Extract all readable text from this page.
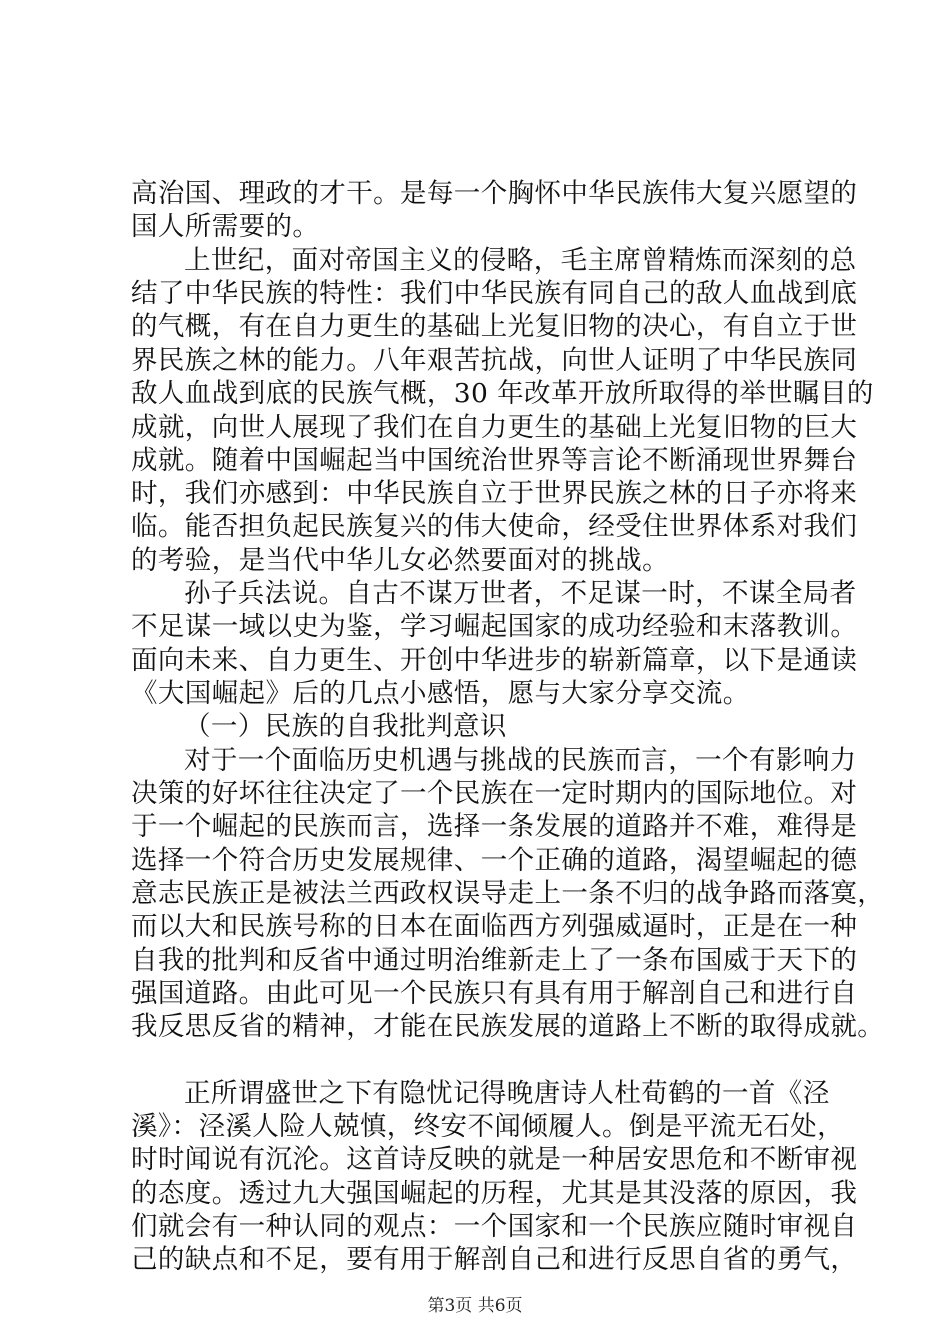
高治国、理政的才干。是每一个胸怀中华民族伟大复兴愿望的
国人所需要的。
上世纪，面对帝国主义的侵略，毛主席曾精炼而深刻的总
结了中华民族的特性：我们中华民族有同自己的敌人血战到底
的气概，有在自力更生的基础上光复旧物的决心，有自立于世
界民族之林的能力。八年艰苦抗战，向世人证明了中华民族同
敌人血战到底的民族气概，30 年改革开放所取得的举世瞩目的
成就，向世人展现了我们在自力更生的基础上光复旧物的巨大
成就。随着中国崛起当中国统治世界等言论不断涌现世界舞台
时，我们亦感到：中华民族自立于世界民族之林的日子亦将来
临。能否担负起民族复兴的伟大使命，经受住世界体系对我们
的考验，是当代中华儿女必然要面对的挑战。
孙子兵法说。自古不谋万世者，不足谋一时，不谋全局者
不足谋一域以史为鉴，学习崛起国家的成功经验和末落教训。
面向未来、自力更生、开创中华进步的崭新篇章，以下是通读
《大国崛起》后的几点小感悟，愿与大家分享交流。
（一）民族的自我批判意识
对于一个面临历史机遇与挑战的民族而言，一个有影响力
决策的好坏往往决定了一个民族在一定时期内的国际地位。对
于一个崛起的民族而言，选择一条发展的道路并不难，难得是
选择一个符合历史发展规律、一个正确的道路，渴望崛起的德
意志民族正是被法兰西政权误导走上一条不归的战争路而落寞，
而以大和民族号称的日本在面临西方列强威逼时，正是在一种
自我的批判和反省中通过明治维新走上了一条布国威于天下的
强国道路。由此可见一个民族只有具有用于解剖自己和进行自
我反思反省的精神，才能在民族发展的道路上不断的取得成就。
正所谓盛世之下有隐忧记得晚唐诗人杜荀鹤的一首《泾
溪》：泾溪人险人兢慎，终安不闻倾履人。倒是平流无石处，
时时闻说有沉沦。这首诗反映的就是一种居安思危和不断审视
的态度。透过九大强国崛起的历程，尤其是其没落的原因，我
们就会有一种认同的观点：一个国家和一个民族应随时审视自
己的缺点和不足，要有用于解剖自己和进行反思自省的勇气，
第3页 共6页
